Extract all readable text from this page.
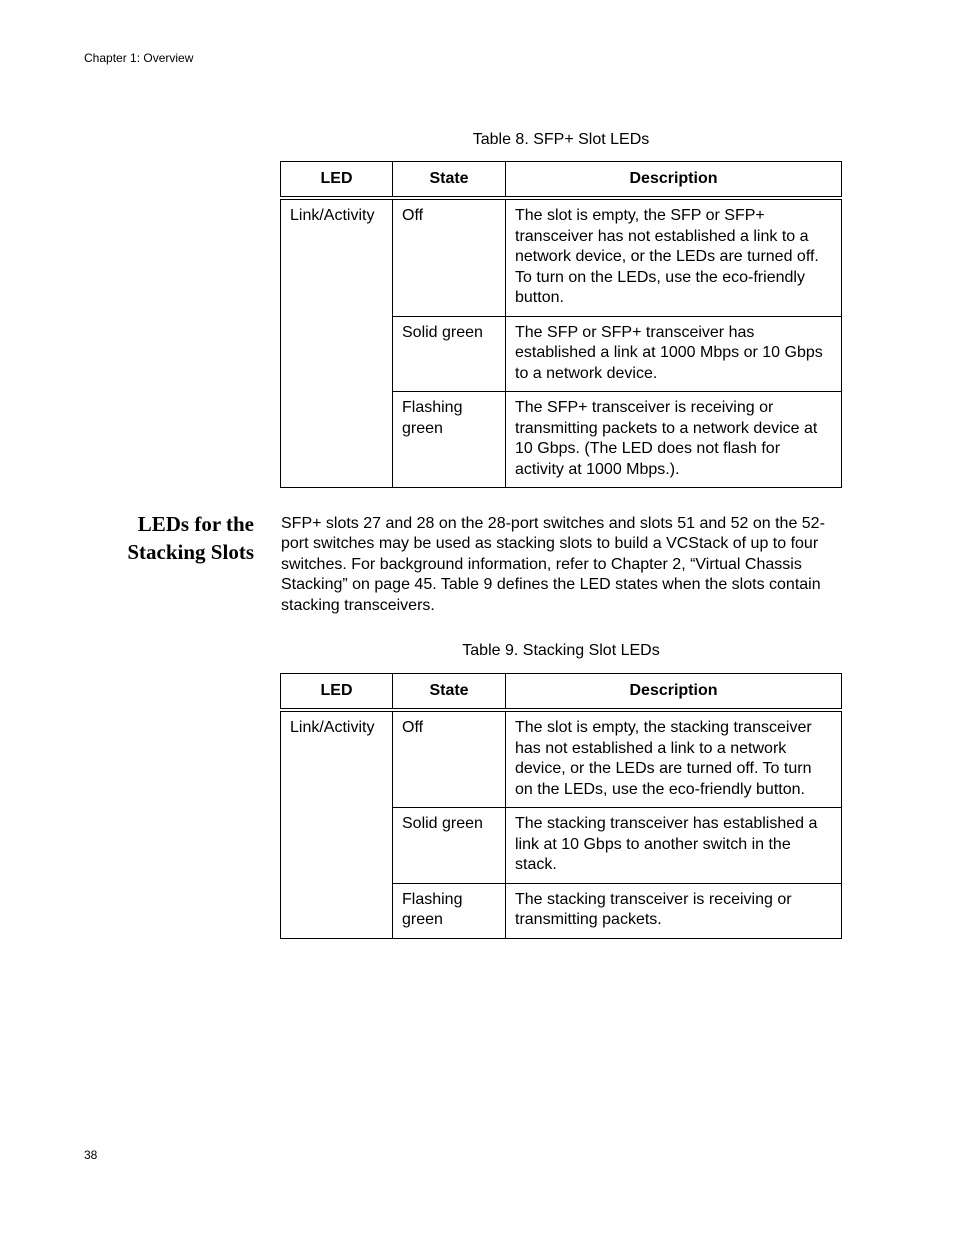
Chapter 1: Overview
Table 8. SFP+ Slot LEDs
LED	State	Description
Link/Activity	Off	The slot is empty, the SFP or SFP+ transceiver has not established a link to a network device, or the LEDs are turned off. To turn on the LEDs, use the eco-friendly button.
	Solid green	The SFP or SFP+ transceiver has established a link at 1000 Mbps or 10 Gbps to a network device.
	Flashing green	The SFP+ transceiver is receiving or transmitting packets to a network device at 10 Gbps. (The LED does not flash for activity at 1000 Mbps.).
LEDs for the
Stacking Slots
SFP+ slots 27 and 28 on the 28-port switches and slots 51 and 52 on the 52-port switches may be used as stacking slots to build a VCStack of up to four switches. For background information, refer to Chapter 2, “Virtual Chassis Stacking” on page 45. Table 9 defines the LED states when the slots contain stacking transceivers.
Table 9. Stacking Slot LEDs
LED	State	Description
Link/Activity	Off	The slot is empty, the stacking transceiver has not established a link to a network device, or the LEDs are turned off. To turn on the LEDs, use the eco-friendly button.
	Solid green	The stacking transceiver has established a link at 10 Gbps to another switch in the stack.
	Flashing green	The stacking transceiver is receiving or transmitting packets.
38
